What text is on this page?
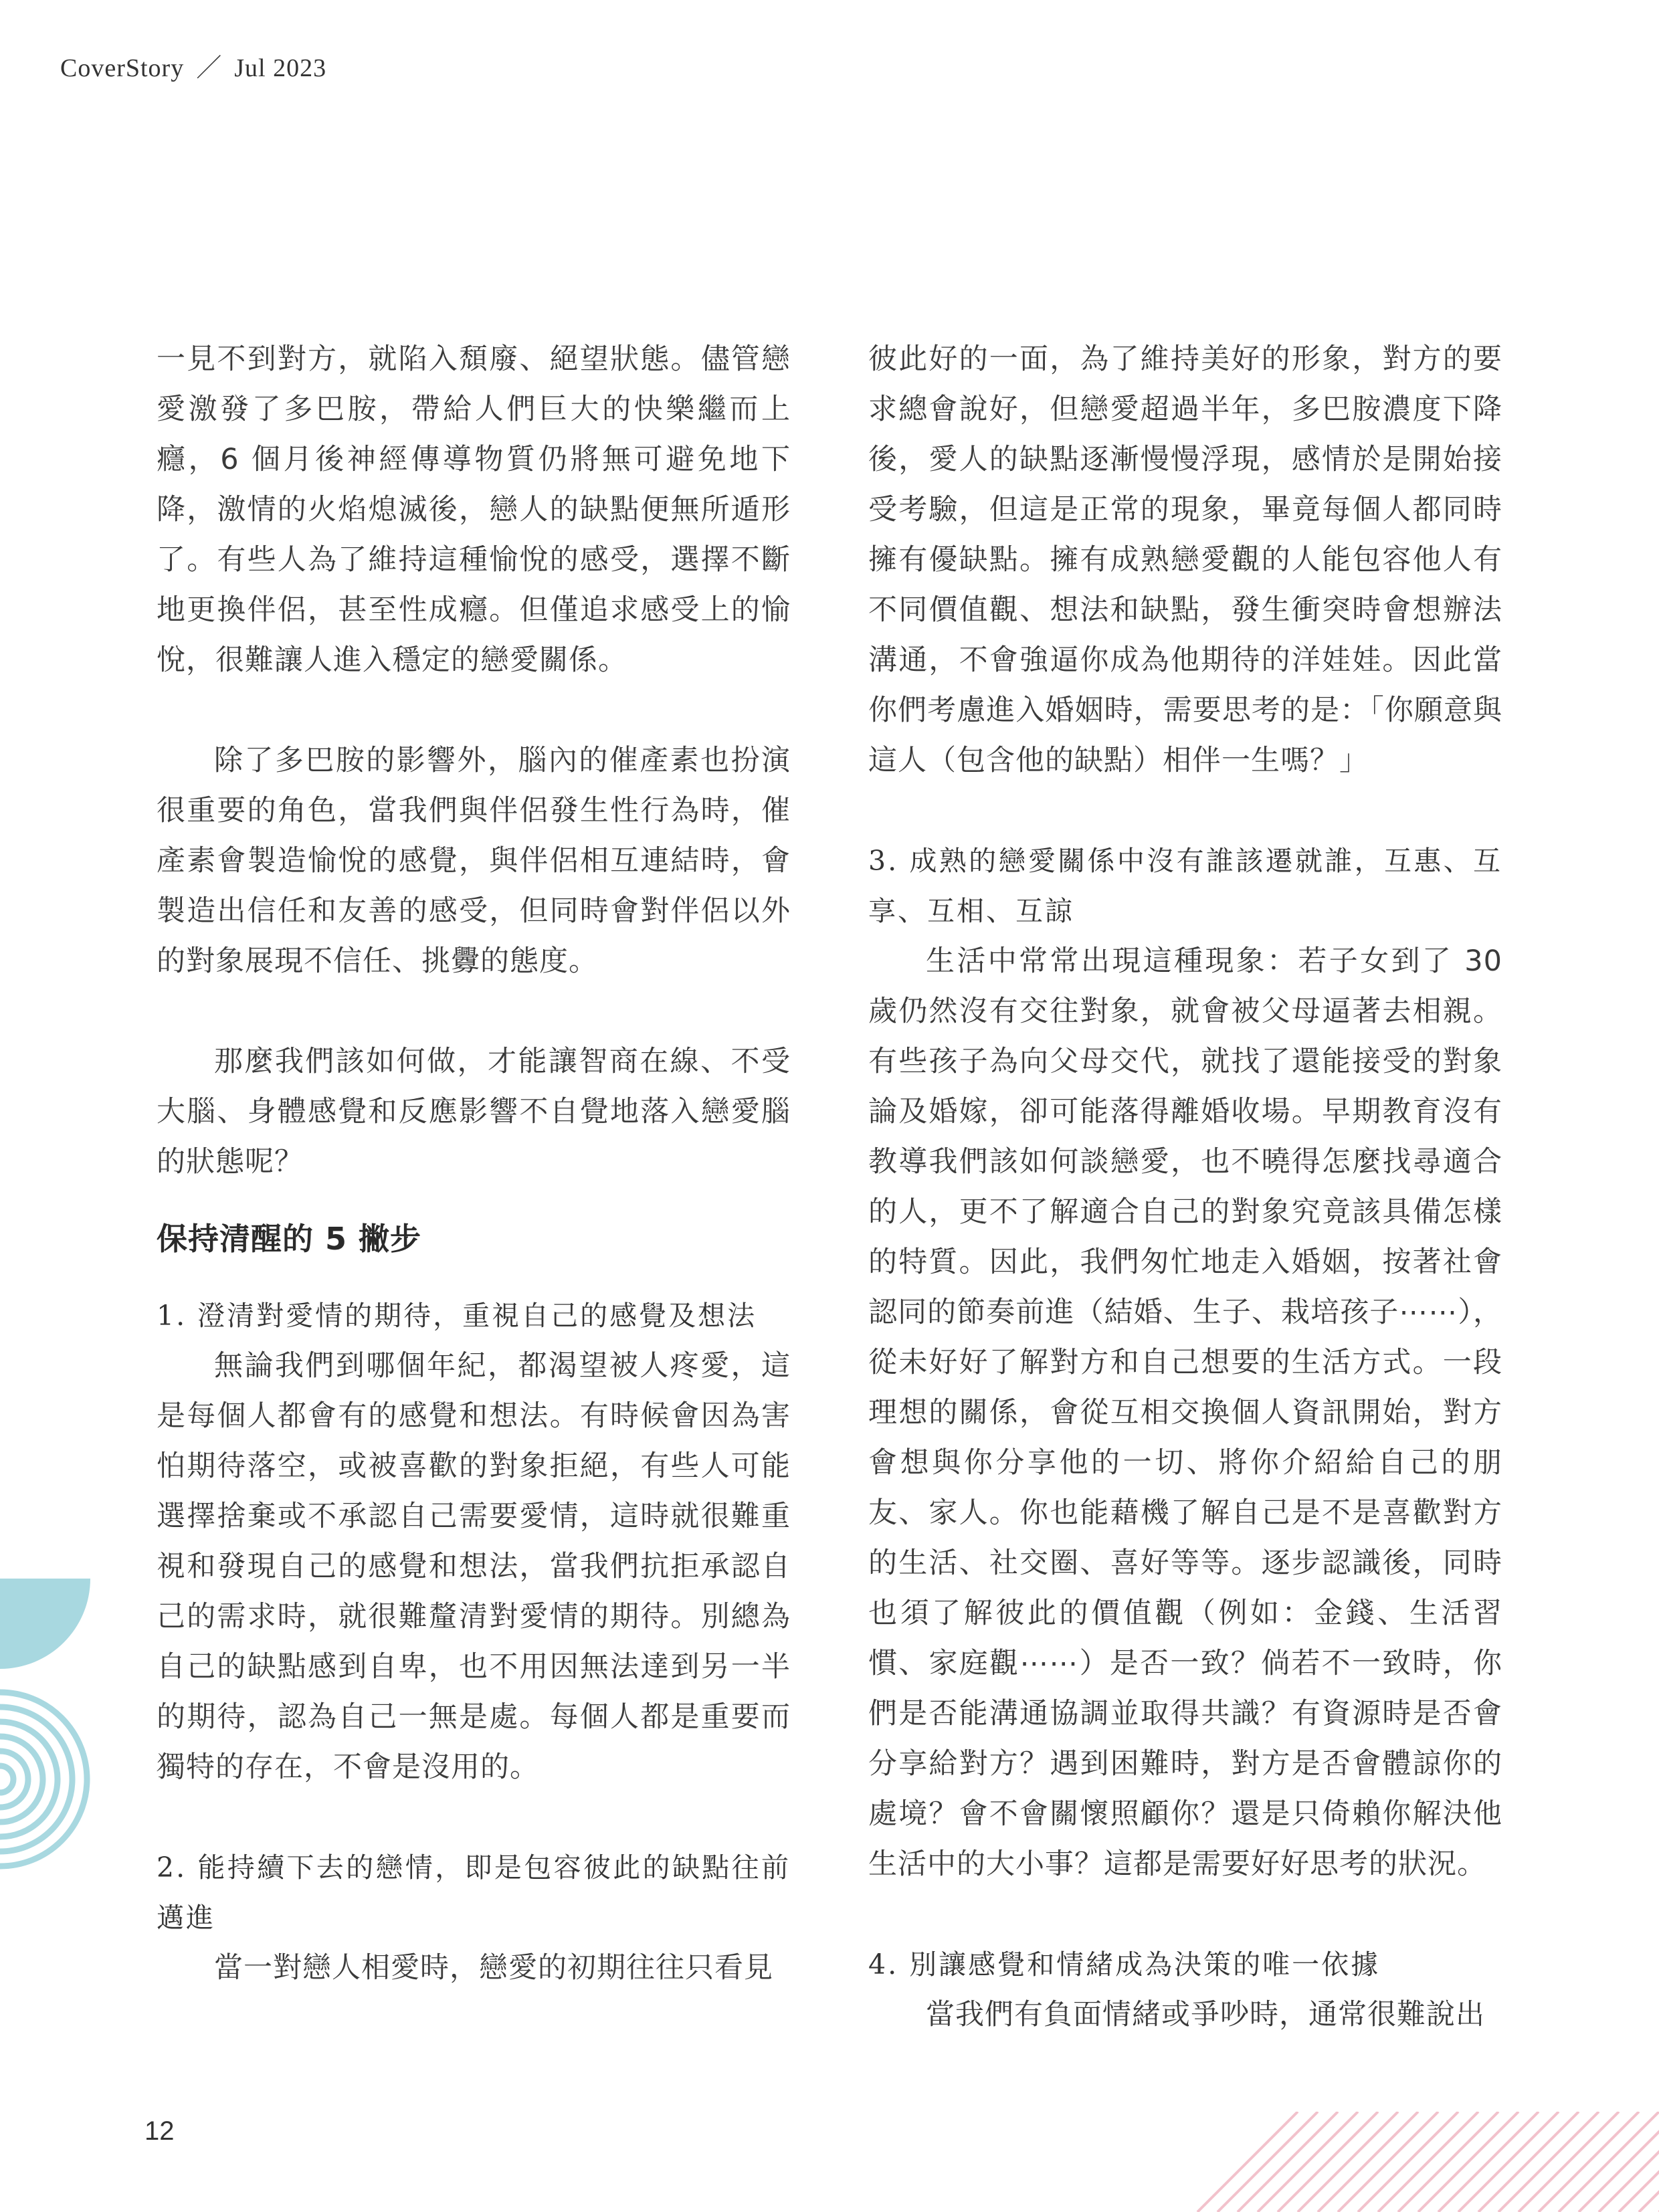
CoverStory ／ Jul 2023

一見不到對方，就陷入頹廢、絕望狀態。儘管戀愛激發了多巴胺，帶給人們巨大的快樂繼而上癮，6 個月後神經傳導物質仍將無可避免地下降，激情的火焰熄滅後，戀人的缺點便無所遁形了。有些人為了維持這種愉悅的感受，選擇不斷地更換伴侶，甚至性成癮。但僅追求感受上的愉悅，很難讓人進入穩定的戀愛關係。

除了多巴胺的影響外，腦內的催產素也扮演很重要的角色，當我們與伴侶發生性行為時，催產素會製造愉悅的感覺，與伴侶相互連結時，會製造出信任和友善的感受，但同時會對伴侶以外的對象展現不信任、挑釁的態度。

那麼我們該如何做，才能讓智商在線、不受大腦、身體感覺和反應影響不自覺地落入戀愛腦的狀態呢？

保持清醒的 5 撇步

1. 澄清對愛情的期待，重視自己的感覺及想法

無論我們到哪個年紀，都渴望被人疼愛，這是每個人都會有的感覺和想法。有時候會因為害怕期待落空，或被喜歡的對象拒絕，有些人可能選擇捨棄或不承認自己需要愛情，這時就很難重視和發現自己的感覺和想法，當我們抗拒承認自己的需求時，就很難釐清對愛情的期待。別總為自己的缺點感到自卑，也不用因無法達到另一半的期待，認為自己一無是處。每個人都是重要而獨特的存在，不會是沒用的。

2. 能持續下去的戀情，即是包容彼此的缺點往前邁進

當一對戀人相愛時，戀愛的初期往往只看見

彼此好的一面，為了維持美好的形象，對方的要求總會說好，但戀愛超過半年，多巴胺濃度下降後，愛人的缺點逐漸慢慢浮現，感情於是開始接受考驗，但這是正常的現象，畢竟每個人都同時擁有優缺點。擁有成熟戀愛觀的人能包容他人有不同價值觀、想法和缺點，發生衝突時會想辦法溝通，不會強逼你成為他期待的洋娃娃。因此當你們考慮進入婚姻時，需要思考的是：「你願意與這人（包含他的缺點）相伴一生嗎？」

3. 成熟的戀愛關係中沒有誰該遷就誰，互惠、互享、互相、互諒

生活中常常出現這種現象：若子女到了 30 歲仍然沒有交往對象，就會被父母逼著去相親。有些孩子為向父母交代，就找了還能接受的對象論及婚嫁，卻可能落得離婚收場。早期教育沒有教導我們該如何談戀愛，也不曉得怎麼找尋適合的人，更不了解適合自己的對象究竟該具備怎樣的特質。因此，我們匆忙地走入婚姻，按著社會認同的節奏前進（結婚、生子、栽培孩子⋯⋯），從未好好了解對方和自己想要的生活方式。一段理想的關係，會從互相交換個人資訊開始，對方會想與你分享他的一切、將你介紹給自己的朋友、家人。你也能藉機了解自己是不是喜歡對方的生活、社交圈、喜好等等。逐步認識後，同時也須了解彼此的價值觀（例如：金錢、生活習慣、家庭觀⋯⋯）是否一致？倘若不一致時，你們是否能溝通協調並取得共識？有資源時是否會分享給對方？遇到困難時，對方是否會體諒你的處境？會不會關懷照顧你？還是只倚賴你解決他生活中的大小事？這都是需要好好思考的狀況。

4. 別讓感覺和情緒成為決策的唯一依據

當我們有負面情緒或爭吵時，通常很難說出

12
